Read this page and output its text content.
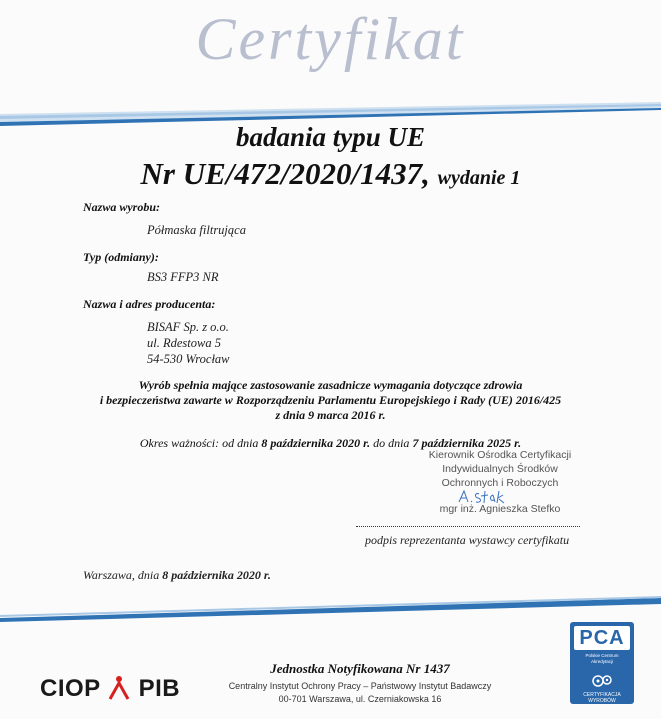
Certyfikat
badania typu UE
Nr UE/472/2020/1437, wydanie 1
Nazwa wyrobu:
Półmaska filtrująca
Typ (odmiany):
BS3 FFP3 NR
Nazwa i adres producenta:
BISAF Sp. z o.o.
ul. Rdestowa 5
54-530 Wrocław
Wyrób spełnia mające zastosowanie zasadnicze wymagania dotyczące zdrowia
i bezpieczeństwa zawarte w Rozporządzeniu Parlamentu Europejskiego i Rady (UE) 2016/425
z dnia 9 marca 2016 r.
Okres ważności: od dnia 8 października 2020 r. do dnia 7 października 2025 r.
Kierownik Ośrodka Certyfikacji
Indywidualnych Środków
Ochronnych i Roboczych
mgr inż. Agnieszka Stefko
podpis reprezentanta wystawcy certyfikatu
Warszawa, dnia 8 października 2020 r.
Jednostka Notyfikowana Nr 1437
Centralny Instytut Ochrony Pracy – Państwowy Instytut Badawczy
00-701 Warszawa, ul. Czerniakowska 16
CIOP PIB
PCA
Polskie Centrum
Akredytacji
CERTYFIKACJA
WYROBÓW
